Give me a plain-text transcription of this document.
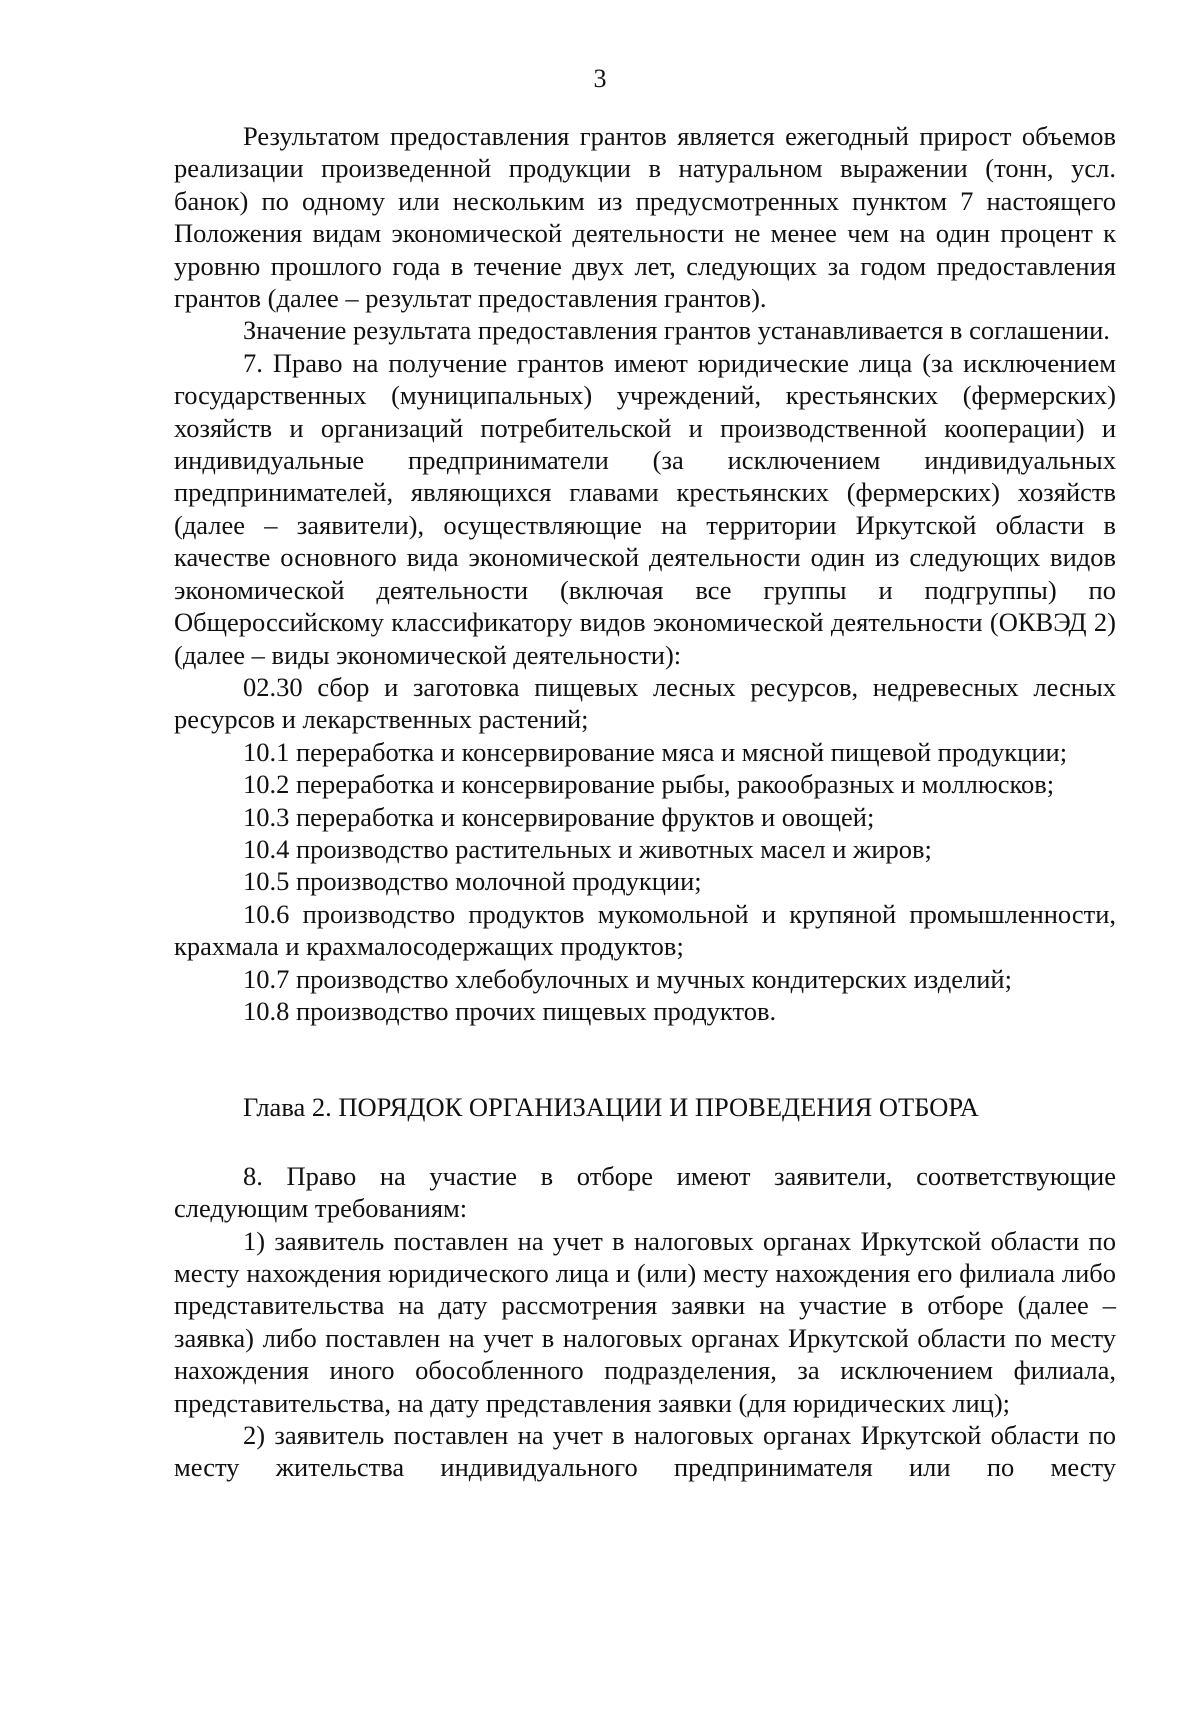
3

Результатом предоставления грантов является ежегодный прирост объемов реализации произведенной продукции в натуральном выражении (тонн, усл. банок) по одному или нескольким из предусмотренных пунктом 7 настоящего Положения видам экономической деятельности не менее чем на один процент к уровню прошлого года в течение двух лет, следующих за годом предоставления грантов (далее – результат предоставления грантов).

Значение результата предоставления грантов устанавливается в соглашении.

7. Право на получение грантов имеют юридические лица (за исключением государственных (муниципальных) учреждений, крестьянских (фермерских) хозяйств и организаций потребительской и производственной кооперации) и индивидуальные предприниматели (за исключением индивидуальных предпринимателей, являющихся главами крестьянских (фермерских) хозяйств (далее – заявители), осуществляющие на территории Иркутской области в качестве основного вида экономической деятельности один из следующих видов экономической деятельности (включая все группы и подгруппы) по Общероссийскому классификатору видов экономической деятельности (ОКВЭД 2) (далее – виды экономической деятельности):

02.30 сбор и заготовка пищевых лесных ресурсов, недревесных лесных ресурсов и лекарственных растений;

10.1 переработка и консервирование мяса и мясной пищевой продукции;

10.2 переработка и консервирование рыбы, ракообразных и моллюсков;

10.3 переработка и консервирование фруктов и овощей;

10.4 производство растительных и животных масел и жиров;

10.5 производство молочной продукции;

10.6 производство продуктов мукомольной и крупяной промышленности, крахмала и крахмалосодержащих продуктов;

10.7 производство хлебобулочных и мучных кондитерских изделий;

10.8 производство прочих пищевых продуктов.

Глава 2. ПОРЯДОК ОРГАНИЗАЦИИ И ПРОВЕДЕНИЯ ОТБОРА

8. Право на участие в отборе имеют заявители, соответствующие следующим требованиям:

1) заявитель поставлен на учет в налоговых органах Иркутской области по месту нахождения юридического лица и (или) месту нахождения его филиала либо представительства на дату рассмотрения заявки на участие в отборе (далее – заявка) либо поставлен на учет в налоговых органах Иркутской области по месту нахождения иного обособленного подразделения, за исключением филиала, представительства, на дату представления заявки (для юридических лиц);

2) заявитель поставлен на учет в налоговых органах Иркутской области по месту жительства индивидуального предпринимателя или по месту
